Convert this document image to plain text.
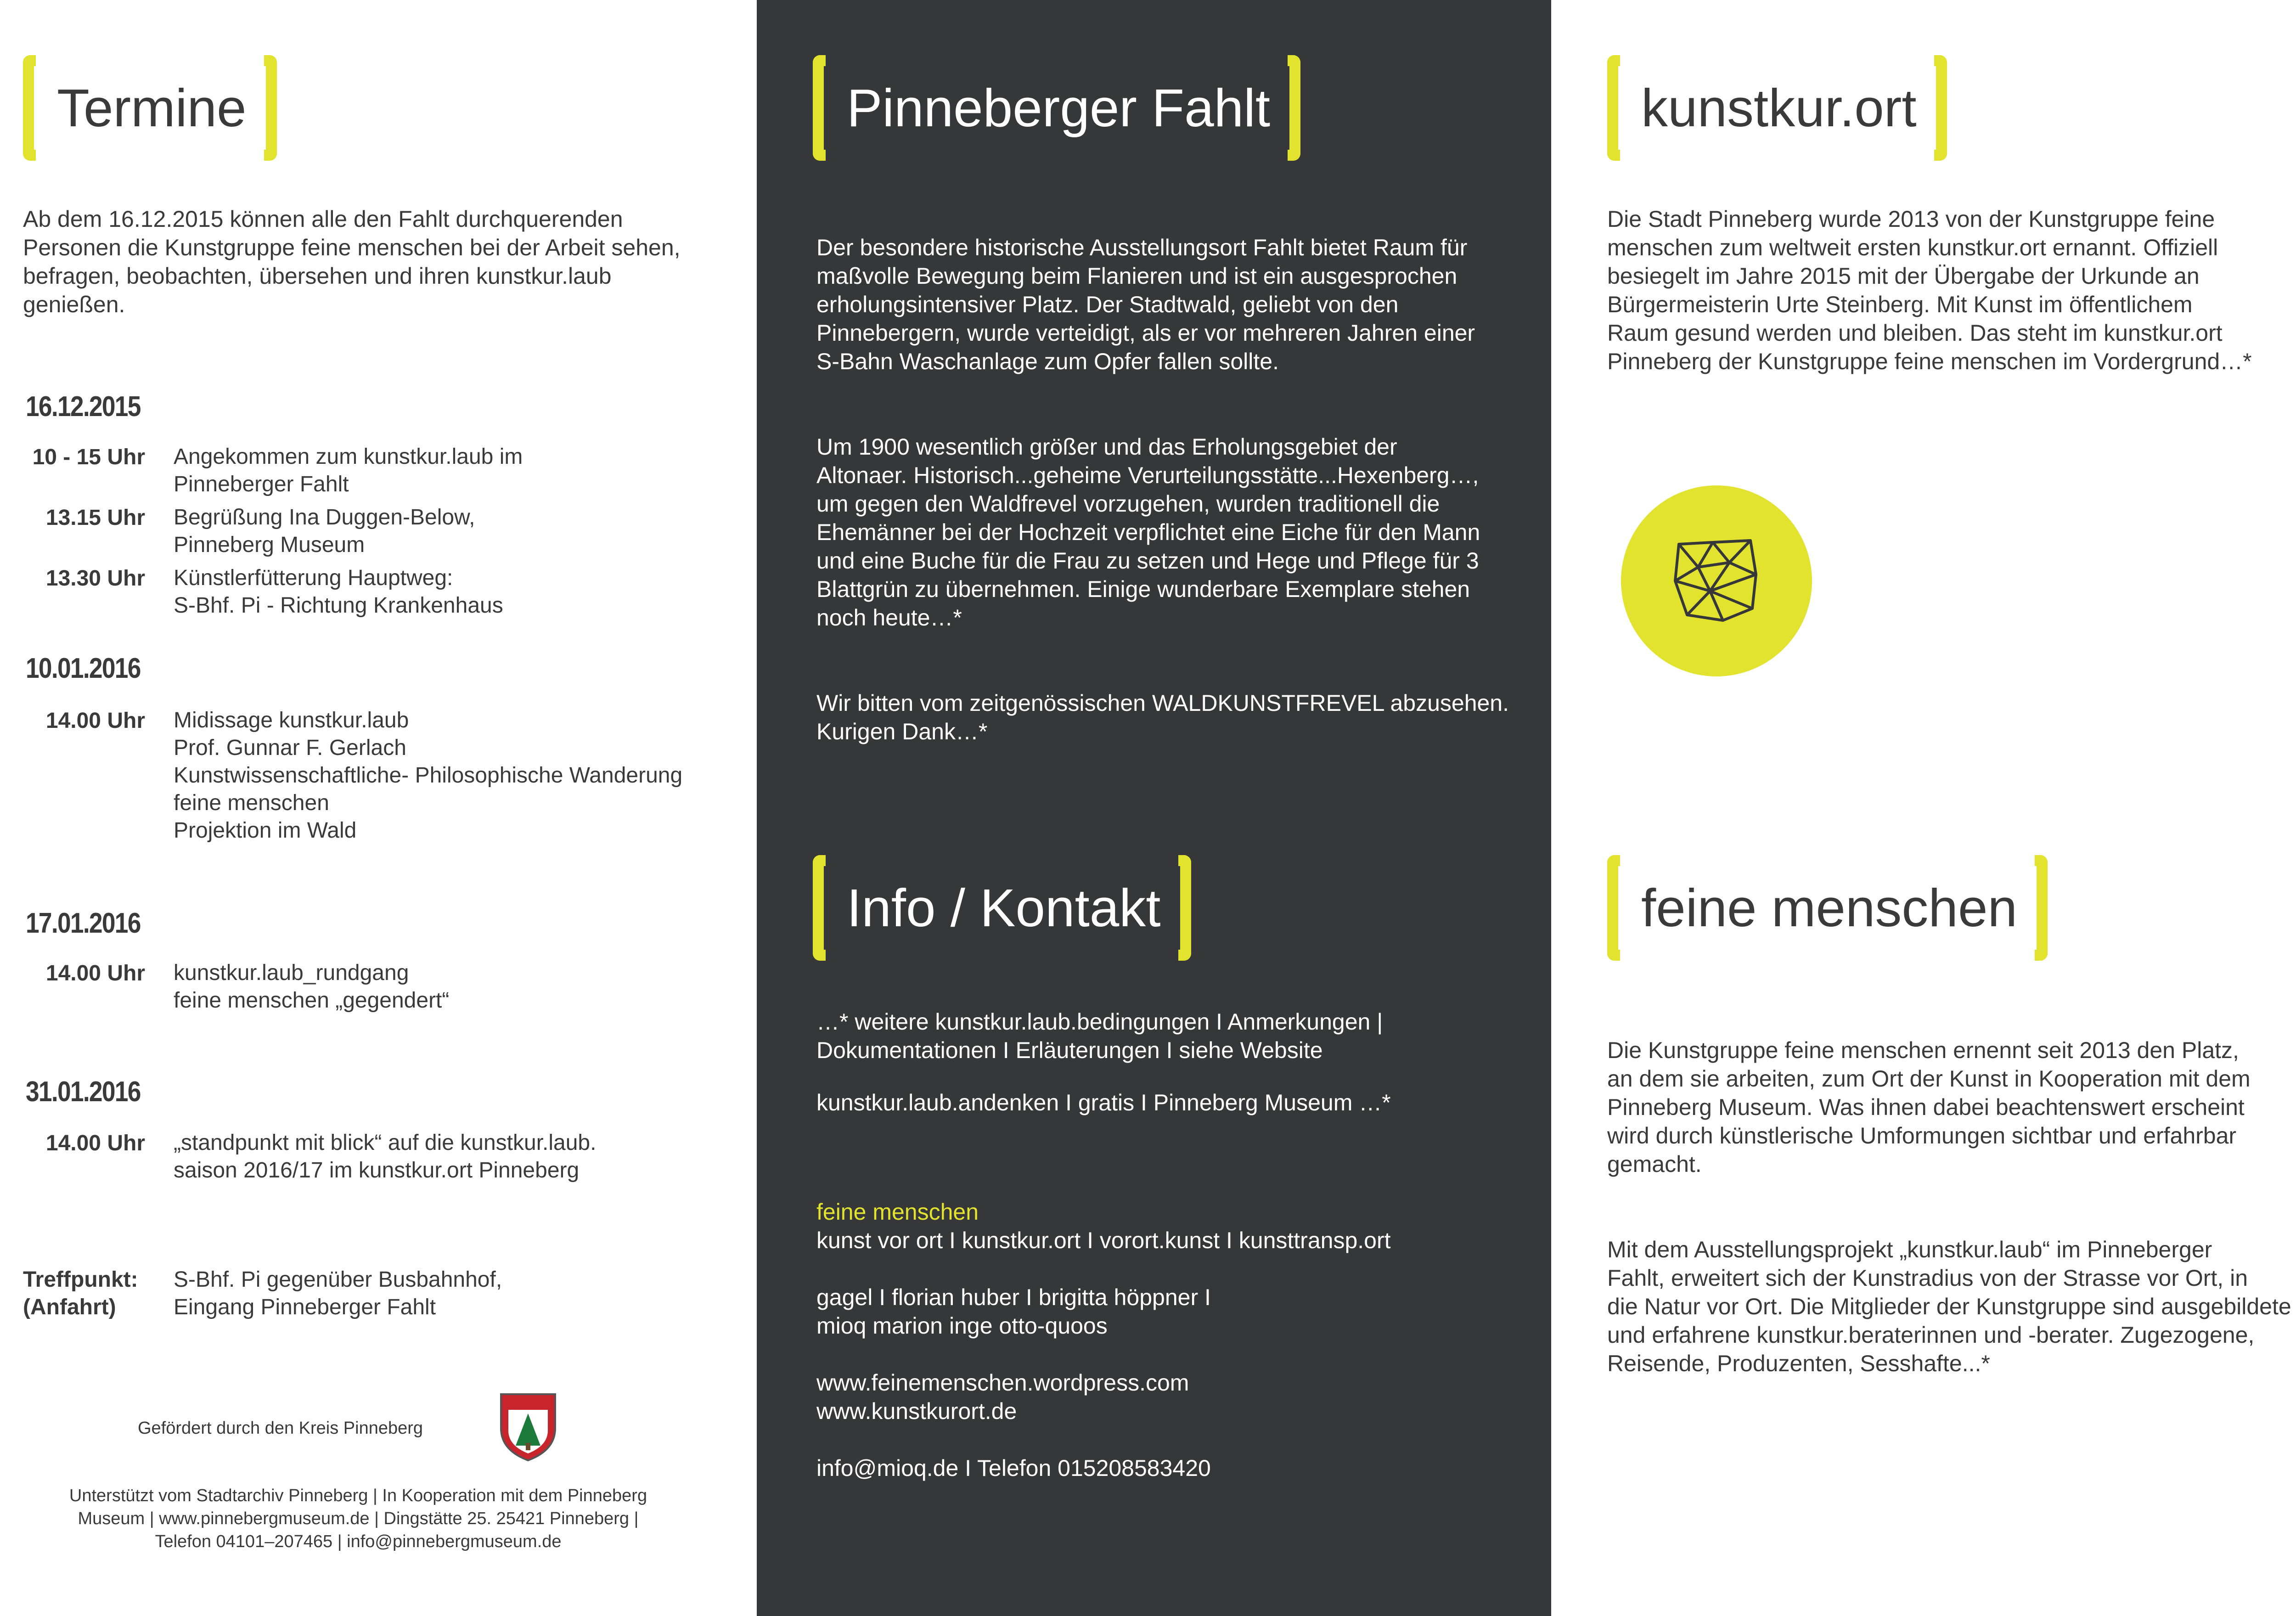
Termine
Ab dem 16.12.2015 können alle den Fahlt durchquerenden
Personen die Kunstgruppe feine menschen bei der Arbeit sehen,
befragen, beobachten, übersehen und ihren kunstkur.laub
genießen.
16.12.2015
10 - 15 Uhr Angekommen zum kunstkur.laub im
Pinneberger Fahlt
13.15 Uhr Begrüßung Ina Duggen-Below,
Pinneberg Museum
13.30 Uhr Künstlerfütterung Hauptweg:
S-Bhf. Pi - Richtung Krankenhaus
10.01.2016
14.00 Uhr Midissage kunstkur.laub
Prof. Gunnar F. Gerlach
Kunstwissenschaftliche- Philosophische Wanderung
feine menschen
Projektion im Wald
17.01.2016
14.00 Uhr kunstkur.laub_rundgang
feine menschen „gegendert“
31.01.2016
14.00 Uhr „standpunkt mit blick“ auf die kunstkur.laub.
saison 2016/17 im kunstkur.ort Pinneberg
Treffpunkt:
(Anfahrt)
S-Bhf. Pi gegenüber Busbahnhof,
Eingang Pinneberger Fahlt
Gefördert durch den Kreis Pinneberg
Unterstützt vom Stadtarchiv Pinneberg | In Kooperation mit dem Pinneberg
Museum | www.pinnebergmuseum.de | Dingstätte 25. 25421 Pinneberg |
Telefon 04101–207465 | info@pinnebergmuseum.de
Pinneberger Fahlt

Der besondere historische Ausstellungsort Fahlt bietet Raum für
maßvolle Bewegung beim Flanieren und ist ein ausgesprochen
erholungsintensiver Platz. Der Stadtwald, geliebt von den
Pinnebergern, wurde verteidigt, als er vor mehreren Jahren einer
S-Bahn Waschanlage zum Opfer fallen sollte.

Um 1900 wesentlich größer und das Erholungsgebiet der
Altonaer. Historisch...geheime Verurteilungsstätte...Hexenberg…,
um gegen den Waldfrevel vorzugehen, wurden traditionell die
Ehemänner bei der Hochzeit verpflichtet eine Eiche für den Mann
und eine Buche für die Frau zu setzen und Hege und Pflege für 3
Blattgrün zu übernehmen. Einige wunderbare Exemplare stehen
noch heute…*

Wir bitten vom zeitgenössischen WALDKUNSTFREVEL abzusehen.
Kurigen Dank…*

Info / Kontakt
…* weitere kunstkur.laub.bedingungen I Anmerkungen |
Dokumentationen I Erläuterungen I siehe Website
kunstkur.laub.andenken I gratis I Pinneberg Museum …*
feine menschen
kunst vor ort I kunstkur.ort I vorort.kunst I kunsttransp.ort
gagel I florian huber I brigitta höppner I
mioq marion inge otto-quoos
www.feinemenschen.wordpress.com
www.kunstkurort.de
info@mioq.de I Telefon 015208583420
kunstkur.ort
Die Stadt Pinneberg wurde 2013 von der Kunstgruppe feine
menschen zum weltweit ersten kunstkur.ort ernannt. Offiziell
besiegelt im Jahre 2015 mit der Übergabe der Urkunde an
Bürgermeisterin Urte Steinberg. Mit Kunst im öffentlichem
Raum gesund werden und bleiben. Das steht im kunstkur.ort
Pinneberg der Kunstgruppe feine menschen im Vordergrund…*
feine menschen

Die Kunstgruppe feine menschen ernennt seit 2013 den Platz,
an dem sie arbeiten, zum Ort der Kunst in Kooperation mit dem
Pinneberg Museum. Was ihnen dabei beachtenswert erscheint
wird durch künstlerische Umformungen sichtbar und erfahrbar
gemacht.

Mit dem Ausstellungsprojekt „kunstkur.laub“ im Pinneberger
Fahlt, erweitert sich der Kunstradius von der Strasse vor Ort, in
die Natur vor Ort. Die Mitglieder der Kunstgruppe sind ausgebildete
und erfahrene kunstkur.beraterinnen und -berater. Zugezogene,
Reisende, Produzenten, Sesshafte...*
